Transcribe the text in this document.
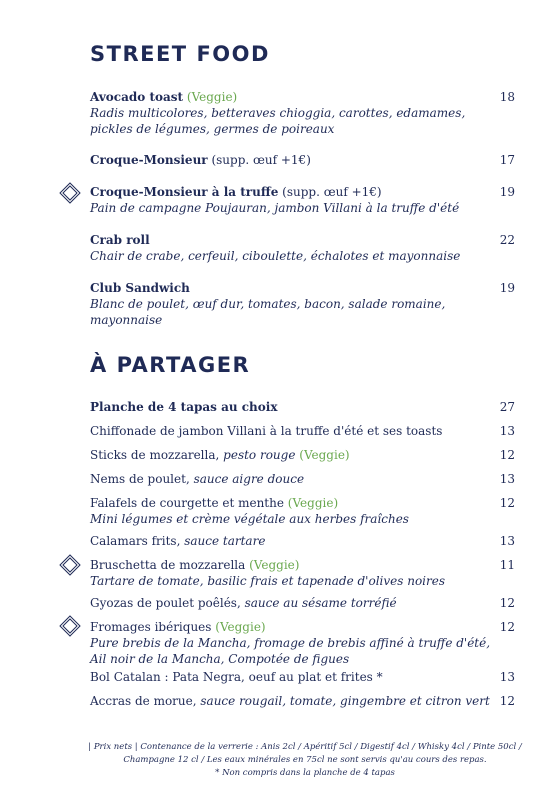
STREET FOOD
Avocado toast (Veggie)	18
Radis multicolores, betteraves chioggia, carottes, edamames,
pickles de légumes, germes de poireaux
Croque-Monsieur (supp. œuf +1€)	17
Croque-Monsieur à la truffe (supp. œuf +1€)	19
Pain de campagne Poujauran, jambon Villani à la truffe d'été
Crab roll	22
Chair de crabe, cerfeuil, ciboulette, échalotes et mayonnaise
Club Sandwich	19
Blanc de poulet, œuf dur, tomates, bacon, salade romaine,
mayonnaise
À PARTAGER
Planche de 4 tapas au choix	27
Chiffonade de jambon Villani à la truffe d'été et ses toasts	13
Sticks de mozzarella, pesto rouge (Veggie)	12
Nems de poulet, sauce aigre douce	13
Falafels de courgette et menthe (Veggie)	12
Mini légumes et crème végétale aux herbes fraîches
Calamars frits, sauce tartare	13
Bruschetta de mozzarella (Veggie)	11
Tartare de tomate, basilic frais et tapenade d'olives noires
Gyozas de poulet poêlés, sauce au sésame torréfié	12
Fromages ibériques (Veggie)	12
Pure brebis de la Mancha, fromage de brebis affiné à truffe d'été,
Ail noir de la Mancha, Compotée de figues
Bol Catalan : Pata Negra, oeuf au plat et frites *	13
Accras de morue, sauce rougail, tomate, gingembre et citron vert 12
| Prix nets | Contenance de la verrerie : Anis 2cl / Apéritif 5cl / Digestif 4cl / Whisky 4cl / Pinte 50cl /
Champagne 12 cl / Les eaux minérales en 75cl ne sont servis qu'au cours des repas.
* Non compris dans la planche de 4 tapas
